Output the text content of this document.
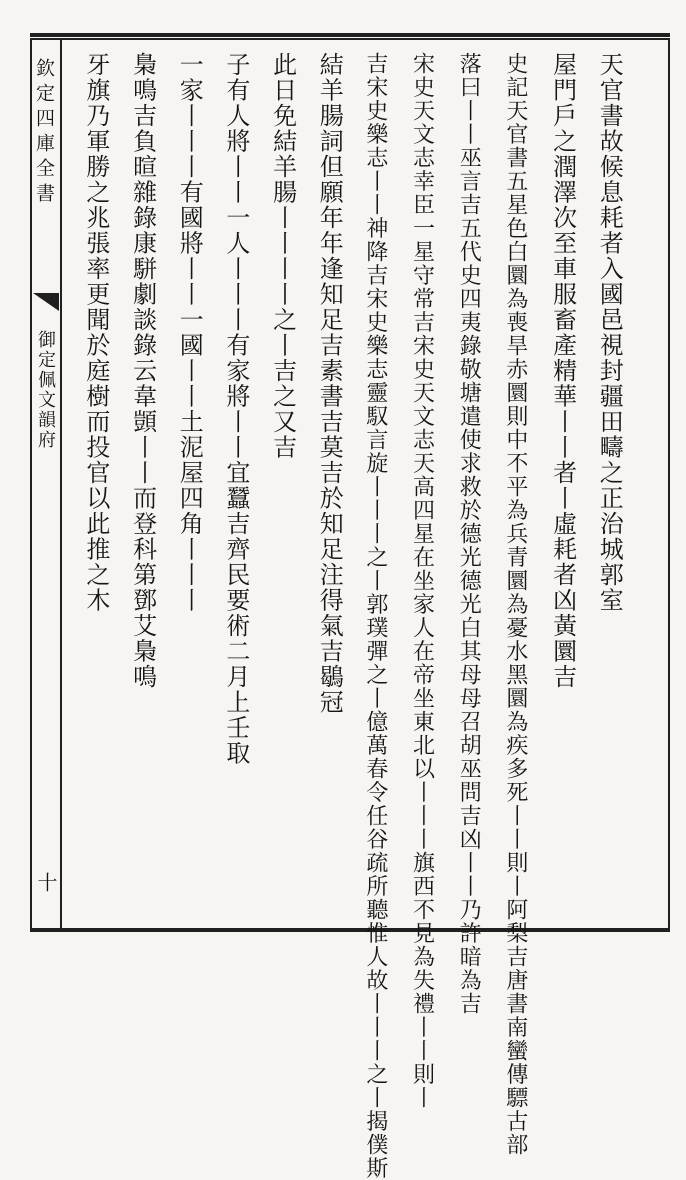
欽定四庫全書
御定佩文韻府
十
天官書故候息耗者入國邑視封疆田疇之正治城郭室
屋門戶之潤澤次至車服畜產精華丨丨者丨虛耗者凶黃圜吉
史記天官書五星色白圜為喪旱赤圜則中不平為兵青圜為憂水黑圜為疾多死丨丨則丨阿梨吉唐書南蠻傳驃古部
落曰丨丨巫言吉五代史四夷錄敬塘遣使求救於德光德光白其母母召胡巫問吉凶丨丨乃許暗為吉
宋史天文志幸臣一星守常吉宋史天文志天高四星在坐家人在帝坐東北以丨丨丨旗西不見為失禮丨丨則丨
吉宋史樂志丨丨神降吉宋史樂志靈馭言旋丨丨丨之丨郭璞彈之丨億萬春令任谷疏所聽惟人故丨丨丨之丨揭僕斯
結羊腸詞但願年年逢知足吉素書吉莫吉於知足注得氣吉鶡冠
此日免結羊腸丨丨丨丨之丨吉之又吉
子有人將丨丨一人丨丨丨有家將丨丨宜蠶吉齊民要術二月上壬取
一家丨丨丨有國將丨丨一國丨丨土泥屋四角丨丨丨
梟鳴吉負暄雜錄康駢劇談錄云韋顗丨丨而登科第鄧艾梟鳴
牙旗乃軍勝之兆張率更聞於庭樹而投官以此推之木
